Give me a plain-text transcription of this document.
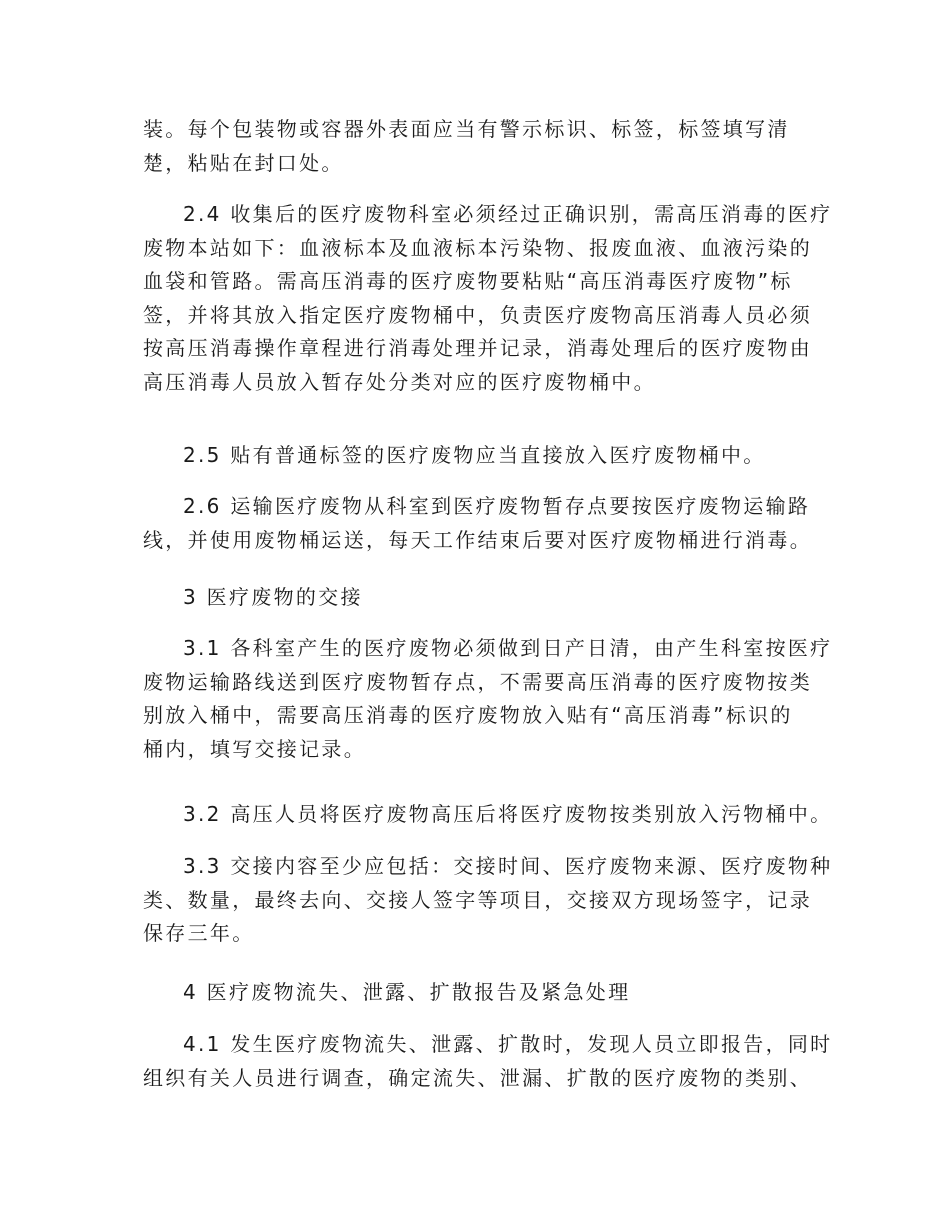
装。每个包装物或容器外表面应当有警示标识、标签，标签填写清
楚，粘贴在封口处。
2.4 收集后的医疗废物科室必须经过正确识别，需高压消毒的医疗
废物本站如下：血液标本及血液标本污染物、报废血液、血液污染的
血袋和管路。需高压消毒的医疗废物要粘贴“高压消毒医疗废物”标
签，并将其放入指定医疗废物桶中，负责医疗废物高压消毒人员必须
按高压消毒操作章程进行消毒处理并记录，消毒处理后的医疗废物由
高压消毒人员放入暂存处分类对应的医疗废物桶中。
2.5 贴有普通标签的医疗废物应当直接放入医疗废物桶中。
2.6 运输医疗废物从科室到医疗废物暂存点要按医疗废物运输路
线，并使用废物桶运送，每天工作结束后要对医疗废物桶进行消毒。
3 医疗废物的交接
3.1 各科室产生的医疗废物必须做到日产日清，由产生科室按医疗
废物运输路线送到医疗废物暂存点，不需要高压消毒的医疗废物按类
别放入桶中，需要高压消毒的医疗废物放入贴有“高压消毒”标识的
桶内，填写交接记录。
3.2 高压人员将医疗废物高压后将医疗废物按类别放入污物桶中。
3.3 交接内容至少应包括：交接时间、医疗废物来源、医疗废物种
类、数量，最终去向、交接人签字等项目，交接双方现场签字，记录
保存三年。
4 医疗废物流失、泄露、扩散报告及紧急处理
4.1 发生医疗废物流失、泄露、扩散时，发现人员立即报告，同时
组织有关人员进行调查，确定流失、泄漏、扩散的医疗废物的类别、
